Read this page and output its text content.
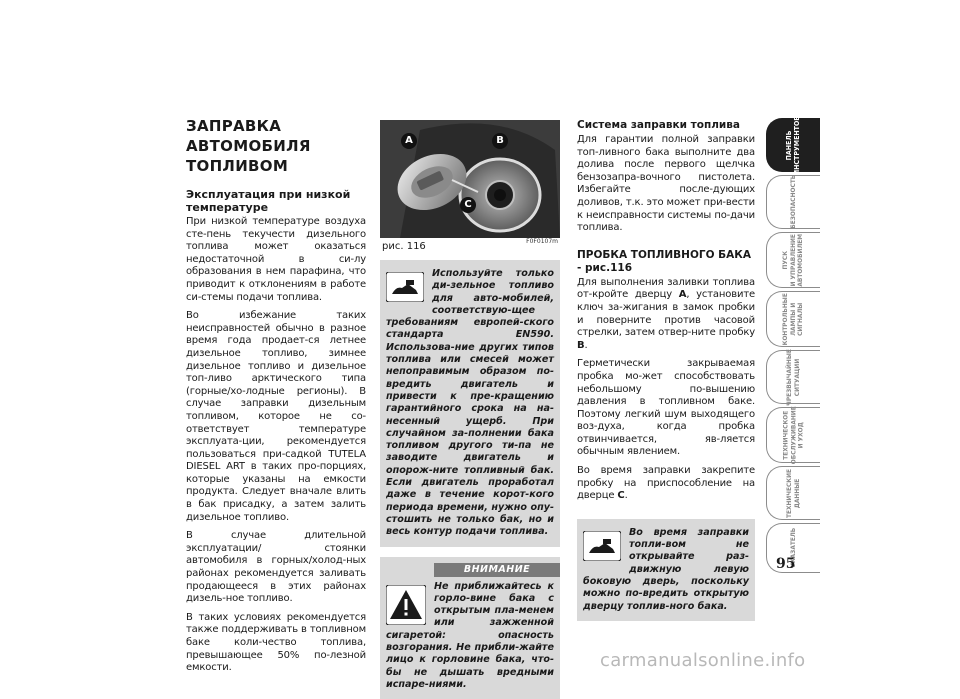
ЗАПРАВКА АВТОМОБИЛЯ ТОПЛИВОМ
Эксплуатация при низкой температуре

При низкой температуре воздуха сте-пень текучести дизельного топлива может оказаться недостаточной в си-лу образования в нем парафина, что приводит к отклонениям в работе си-стемы подачи топлива.

Во избежание таких неисправностей обычно в разное время года продает-ся летнее дизельное топливо, зимнее дизельное топливо и дизельное топ-ливо арктического типа (горные/хо-лодные регионы). В случае заправки дизельным топливом, которое не со-ответствует температуре эксплуата-ции, рекомендуется пользоваться при-садкой TUTELA DIESEL ART в таких про-порциях, которые указаны на емкости продукта. Следует вначале влить в бак присадку, а затем залить дизельное топливо.

В случае длительной эксплуатации/ стоянки автомобиля в горных/холод-ных районах рекомендуется заливать продающееся в этих районах дизель-ное топливо.

В таких условиях рекомендуется также поддерживать в топливном баке коли-чество топлива, превышающее 50% по-лезной емкости.

A	B
C
рис. 116	F0F0107m
Используйте только ди-зельное топливо для авто-мобилей, соответствую-щее требованиям европей-ского стандарта EN590. Использова-ние других типов топлива или смесей может непоправимым образом по-вредить двигатель и привести к пре-кращению гарантийного срока на на-несенный ущерб. При случайном за-полнении бака топливом другого ти-па не заводите двигатель и опорож-ните топливный бак. Если двигатель проработал даже в течение корот-кого периода времени, нужно опу-стошить не только бак, но и весь контур подачи топлива.
ВНИМАНИЕ
Не приближайтесь к горло-вине бака с открытым пла-менем или зажженной сигаретой: опасность возгорания. Не прибли-жайте лицо к горловине бака, что-бы не дышать вредными испаре-ниями.
Система заправки топлива

Для гарантии полной заправки топ-ливного бака выполните два долива после первого щелчка бензозапра-вочного пистолета. Избегайте после-дующих доливов, т.к. это может при-вести к неисправности системы по-дачи топлива.

ПРОБКА ТОПЛИВНОГО БАКА - рис.116

Для выполнения заливки топлива от-кройте дверцу A, установите ключ за-жигания в замок пробки и поверните против часовой стрелки, затем отвер-ните пробку B.

Герметически закрываемая пробка мо-жет способствовать небольшому по-вышению давления в топливном баке. Поэтому легкий шум выходящего воз-духа, когда пробка отвинчивается, яв-ляется обычным явлением.

Во время заправки закрепите пробку на приспособление на дверце C.

Во время заправки топли-вом не открывайте раз-движную левую боковую дверь, поскольку можно по-вредить открытую дверцу топлив-ного бака.
ПАНЕЛЬ
ИНСТРУМЕНТОВ
БЕЗОПАСНОСТЬ
ПУСК
И УПРАВЛЕНИЕ
АВТОМОБИЛЕМ
КОНТРОЛЬНЫЕ
ЛАМПЫ И
СИГНАЛЫ
ЧРЕЗВЫЧАЙНЫЕ
СИТУАЦИИ
ТЕХНИЧЕСКОЕ
ОБСЛУЖИВАНИЕ
И УХОД
ТЕХНИЧЕСКИЕ
ДАННЫЕ
УКАЗАТЕЛЬ
95
carmanualsonline.info
